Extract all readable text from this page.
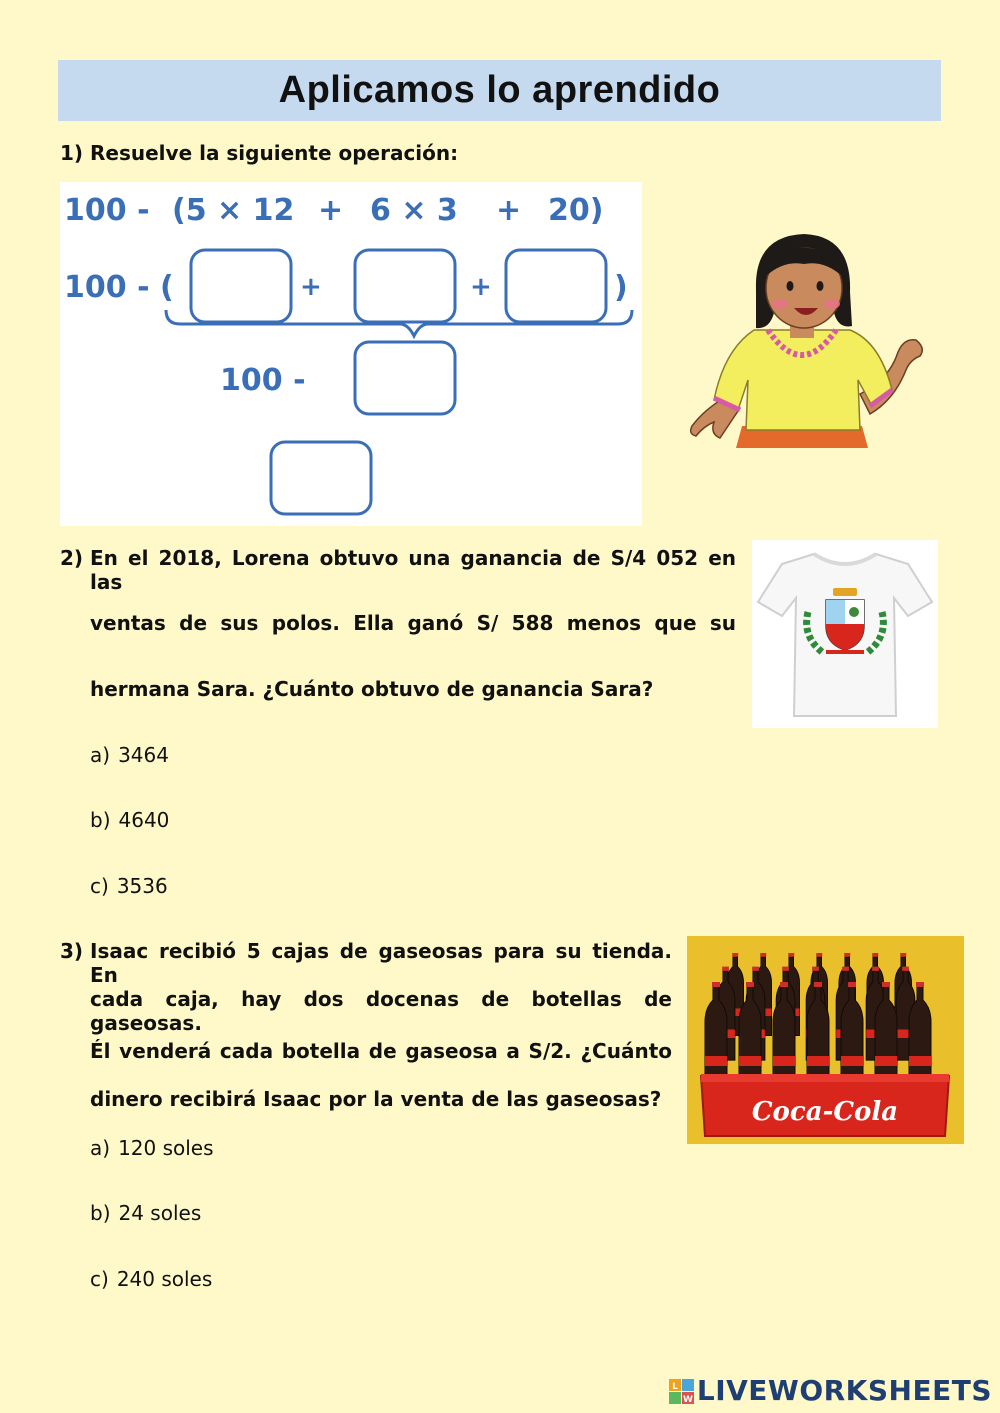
Aplicamos lo aprendido
1) Resuelve la siguiente operación:
100 - (5 × 12 + 6 × 3 + 20)
100 - (	+	+	)
100 -
2) En el 2018, Lorena obtuvo una ganancia de S/4 052 en las
ventas de sus polos. Ella ganó S/ 588 menos que su
hermana Sara. ¿Cuánto obtuvo de ganancia Sara?
a) 3464
b) 4640
c) 3536
3) Isaac recibió 5 cajas de gaseosas para su tienda. En
cada caja, hay dos docenas de botellas de gaseosas.
Él venderá cada botella de gaseosa a S/2. ¿Cuánto
dinero recibirá Isaac por la venta de las gaseosas?	Coca-Cola
a) 120 soles
b) 24 soles
c) 240 soles
L
W LIVEWORKSHEETS
